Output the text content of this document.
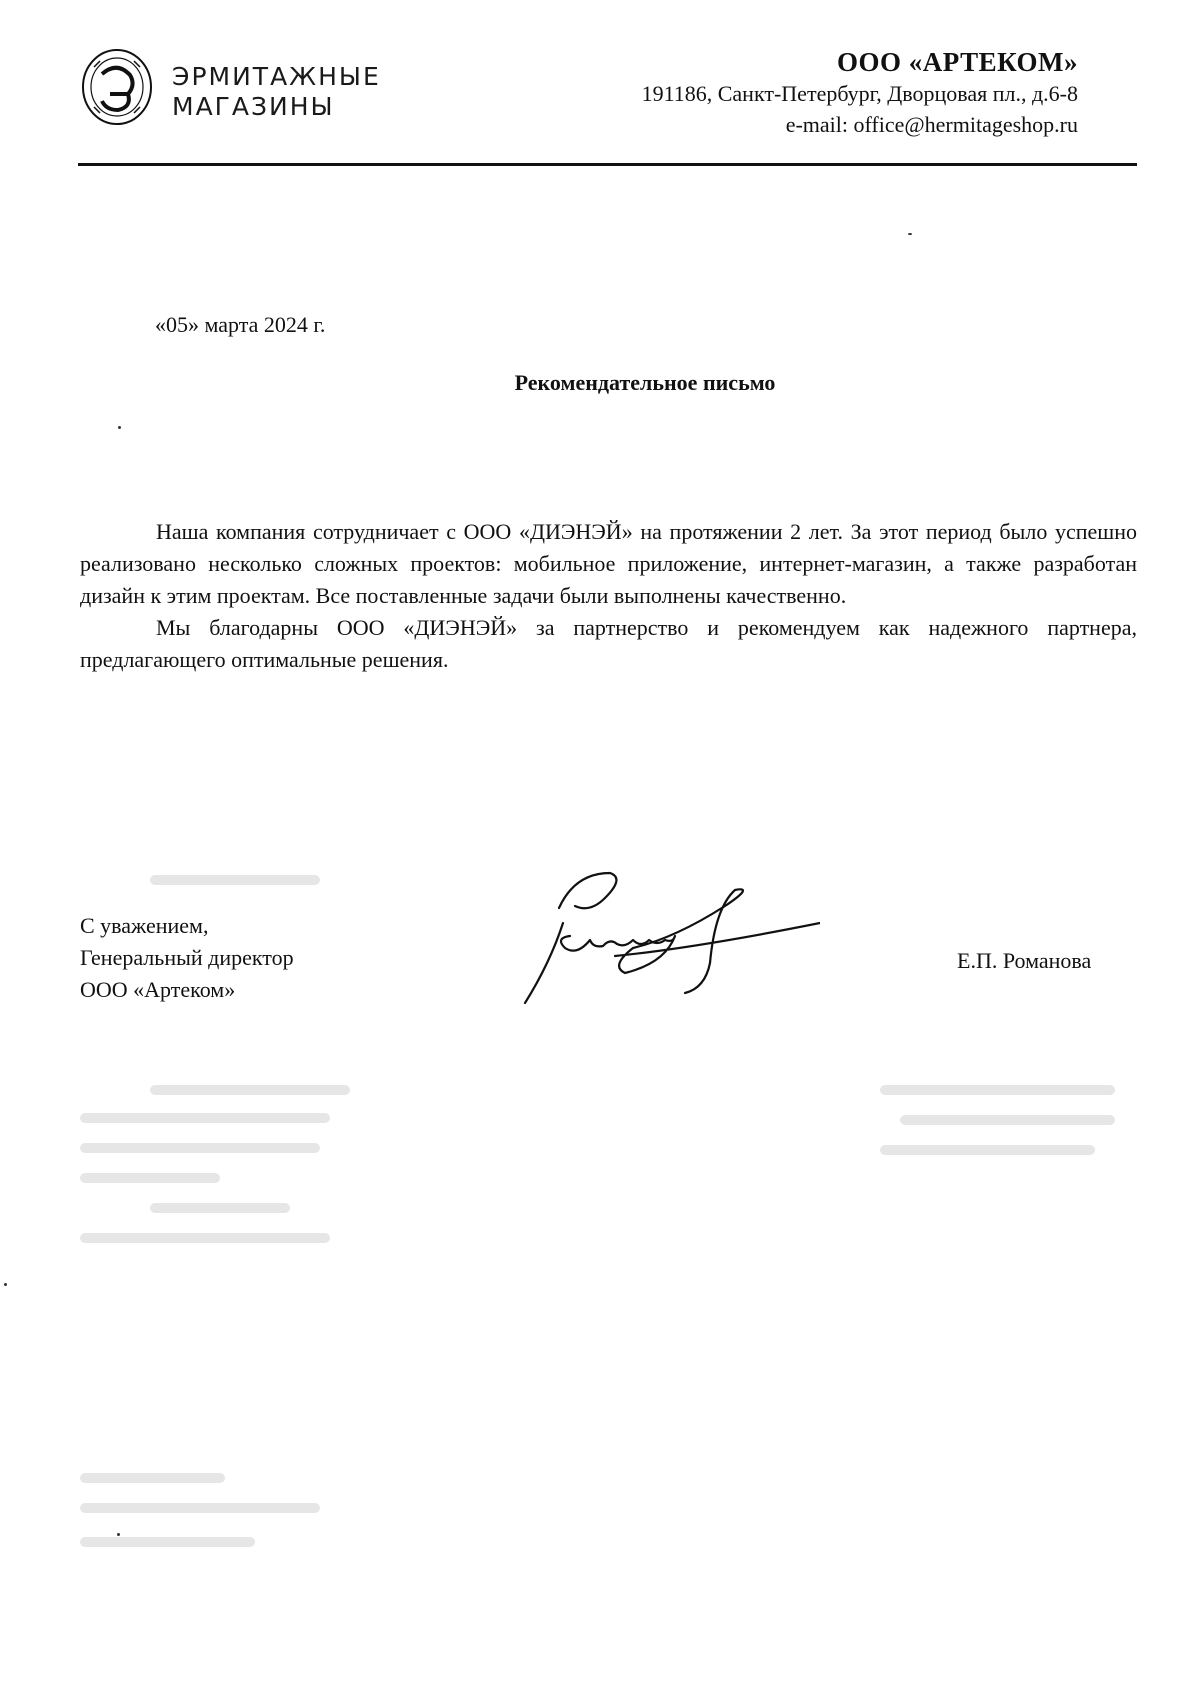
ЭРМИТАЖНЫЕ
МАГАЗИНЫ
ООО «АРТЕКОМ»
191186, Санкт-Петербург, Дворцовая пл., д.6-8
e-mail: office@hermitageshop.ru
«05» марта 2024 г.
Рекомендательное письмо

Наша компания сотрудничает с ООО «ДИЭНЭЙ» на протяжении 2 лет. За этот период было успешно реализовано несколько сложных проектов: мобильное приложение, интернет-магазин, а также разработан дизайн к этим проектам. Все поставленные задачи были выполнены качественно.

Мы благодарны ООО «ДИЭНЭЙ» за партнерство и рекомендуем как надежного партнера, предлагающего оптимальные решения.

С уважением,
Генеральный директор
ООО «Артеком»
Е.П. Романова
